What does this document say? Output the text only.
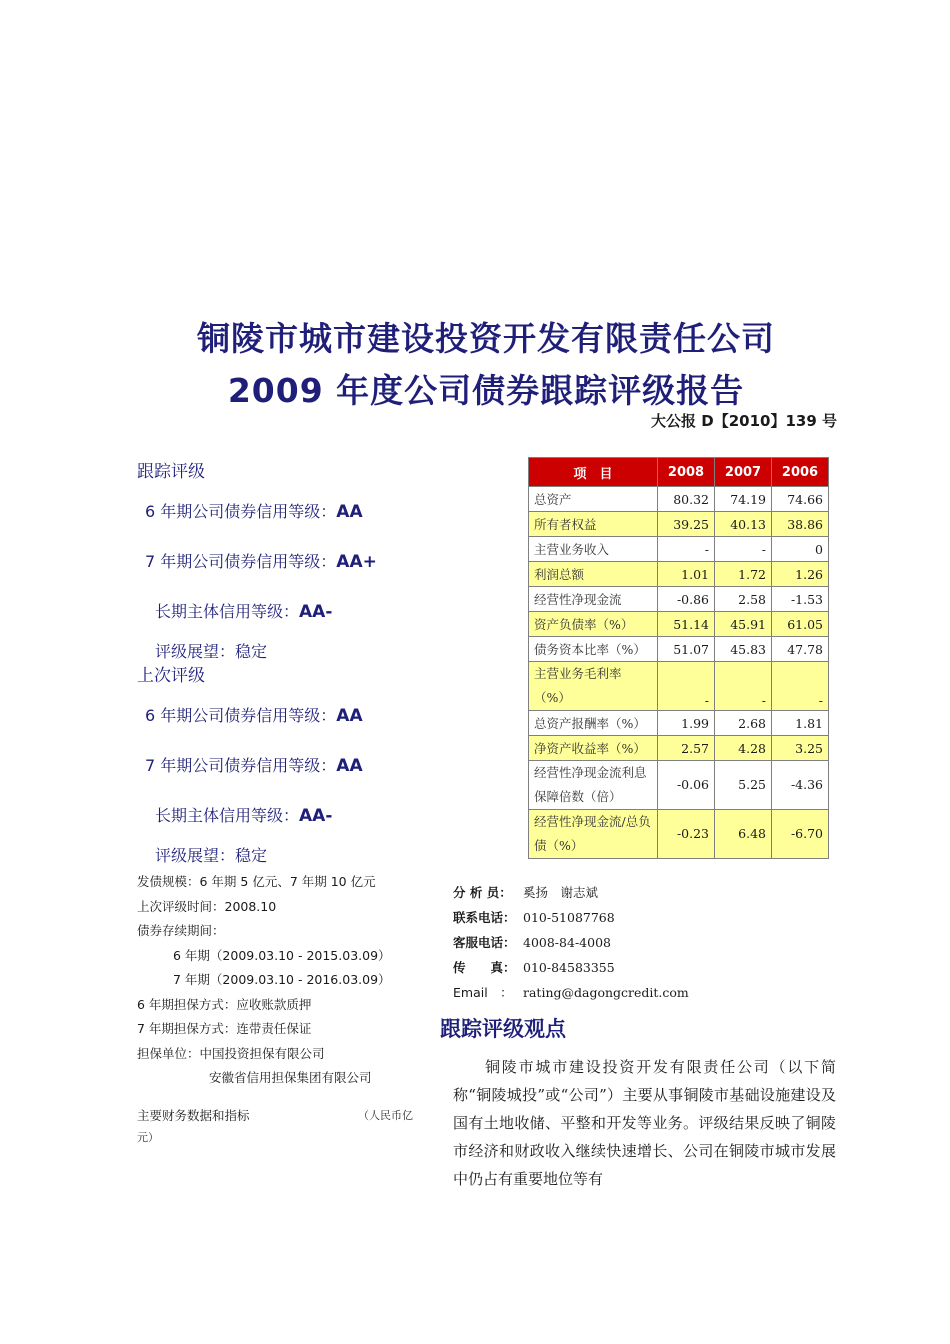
铜陵市城市建设投资开发有限责任公司
2009 年度公司债券跟踪评级报告
大公报 D【2010】139 号
跟踪评级
6 年期公司债券信用等级：AA
7 年期公司债券信用等级：AA+
长期主体信用等级：AA-
评级展望：稳定
上次评级
6 年期公司债券信用等级：AA
7 年期公司债券信用等级：AA
长期主体信用等级：AA-
评级展望：稳定
发债规模：6 年期 5 亿元、7 年期 10 亿元
上次评级时间：2008.10
债券存续期间：
6 年期（2009.03.10 - 2015.03.09）
7 年期（2009.03.10 - 2016.03.09）
6 年期担保方式：应收账款质押
7 年期担保方式：连带责任保证
担保单位：中国投资担保有限公司
安徽省信用担保集团有限公司
主要财务数据和指标	（人民币亿
元）
项　目	2008	2007	2006
总资产	80.32	74.19	74.66
所有者权益	39.25	40.13	38.86
主营业务收入	-	-	0
利润总额	1.01	1.72	1.26
经营性净现金流	-0.86	2.58	-1.53
资产负债率（%）	51.14	45.91	61.05
债务资本比率（%）	51.07	45.83	47.78
主营业务毛利率（%）	-	-	-
总资产报酬率（%）	1.99	2.68	1.81
净资产收益率（%）	2.57	4.28	3.25
经营性净现金流利息保障倍数（倍）	-0.06	5.25	-4.36
经营性净现金流/总负债（%）	-0.23	6.48	-6.70
分 析 员： 奚扬　谢志斌
联系电话： 010-51087768
客服电话： 4008-84-4008
传　　真： 010-84583355
Email　： rating@dagongcredit.com
跟踪评级观点

铜陵市城市建设投资开发有限责任公司（以下简称“铜陵城投”或“公司”）主要从事铜陵市基础设施建设及国有土地收储、平整和开发等业务。评级结果反映了铜陵市经济和财政收入继续快速增长、公司在铜陵市城市发展中仍占有重要地位等有
